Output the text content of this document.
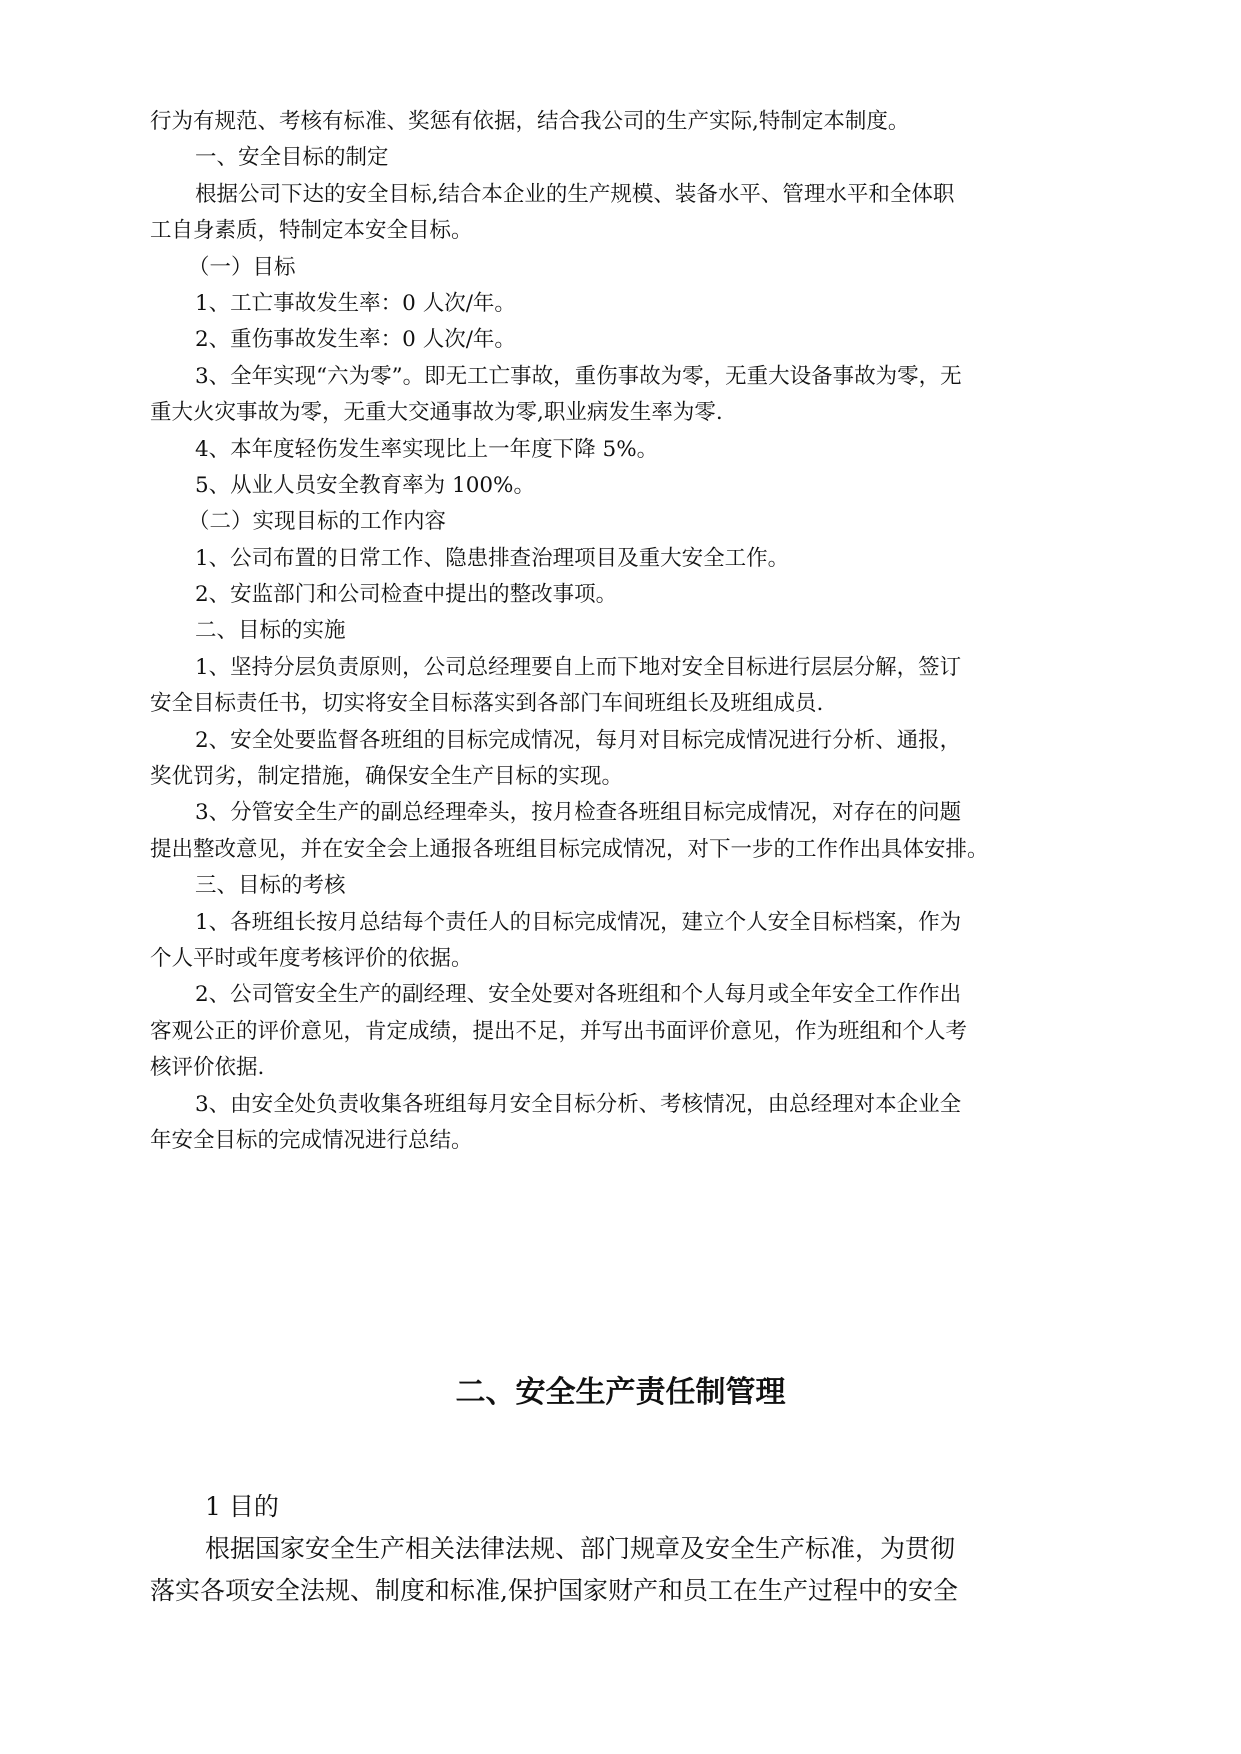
行为有规范、考核有标准、奖惩有依据，结合我公司的生产实际,特制定本制度。
一、安全目标的制定
根据公司下达的安全目标,结合本企业的生产规模、装备水平、管理水平和全体职
工自身素质，特制定本安全目标。
（一）目标
1、工亡事故发生率：0 人次/年。
2、重伤事故发生率：0 人次/年。
3、全年实现“六为零”。即无工亡事故，重伤事故为零，无重大设备事故为零，无
重大火灾事故为零，无重大交通事故为零,职业病发生率为零.
4、本年度轻伤发生率实现比上一年度下降 5%。
5、从业人员安全教育率为 100%。
（二）实现目标的工作内容
1、公司布置的日常工作、隐患排查治理项目及重大安全工作。
2、安监部门和公司检查中提出的整改事项。
二、目标的实施
1、坚持分层负责原则，公司总经理要自上而下地对安全目标进行层层分解，签订
安全目标责任书，切实将安全目标落实到各部门车间班组长及班组成员.
2、安全处要监督各班组的目标完成情况，每月对目标完成情况进行分析、通报，
奖优罚劣，制定措施，确保安全生产目标的实现。
3、分管安全生产的副总经理牵头，按月检查各班组目标完成情况，对存在的问题
提出整改意见，并在安全会上通报各班组目标完成情况，对下一步的工作作出具体安排。
三、目标的考核
1、各班组长按月总结每个责任人的目标完成情况，建立个人安全目标档案，作为
个人平时或年度考核评价的依据。
2、公司管安全生产的副经理、安全处要对各班组和个人每月或全年安全工作作出
客观公正的评价意见，肯定成绩，提出不足，并写出书面评价意见，作为班组和个人考
核评价依据.
3、由安全处负责收集各班组每月安全目标分析、考核情况，由总经理对本企业全
年安全目标的完成情况进行总结。
二、安全生产责任制管理
1 目的
根据国家安全生产相关法律法规、部门规章及安全生产标准，为贯彻
落实各项安全法规、制度和标准,保护国家财产和员工在生产过程中的安全
